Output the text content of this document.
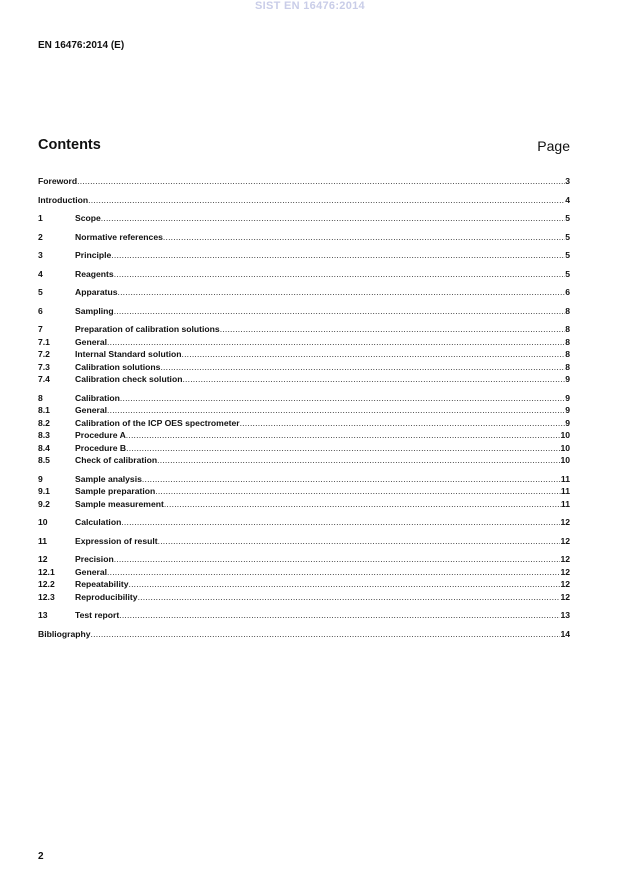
SIST EN 16476:2014
EN 16476:2014 (E)
Contents	Page
Foreword .....	3
Introduction .....	4
1	Scope .....	5
2	Normative references .....	5
3	Principle .....	5
4	Reagents .....	5
5	Apparatus .....	6
6	Sampling .....	8
7	Preparation of calibration solutions .....	8
7.1	General .....	8
7.2	Internal Standard solution .....	8
7.3	Calibration solutions .....	8
7.4	Calibration check solution .....	9
8	Calibration .....	9
8.1	General .....	9
8.2	Calibration of the ICP OES spectrometer .....	9
8.3	Procedure A .....	10
8.4	Procedure B .....	10
8.5	Check of calibration .....	10
9	Sample analysis .....	11
9.1	Sample preparation .....	11
9.2	Sample measurement .....	11
10	Calculation .....	12
11	Expression of result .....	12
12	Precision .....	12
12.1	General .....	12
12.2	Repeatability .....	12
12.3	Reproducibility .....	12
13	Test report .....	13
Bibliography .....	14
2
